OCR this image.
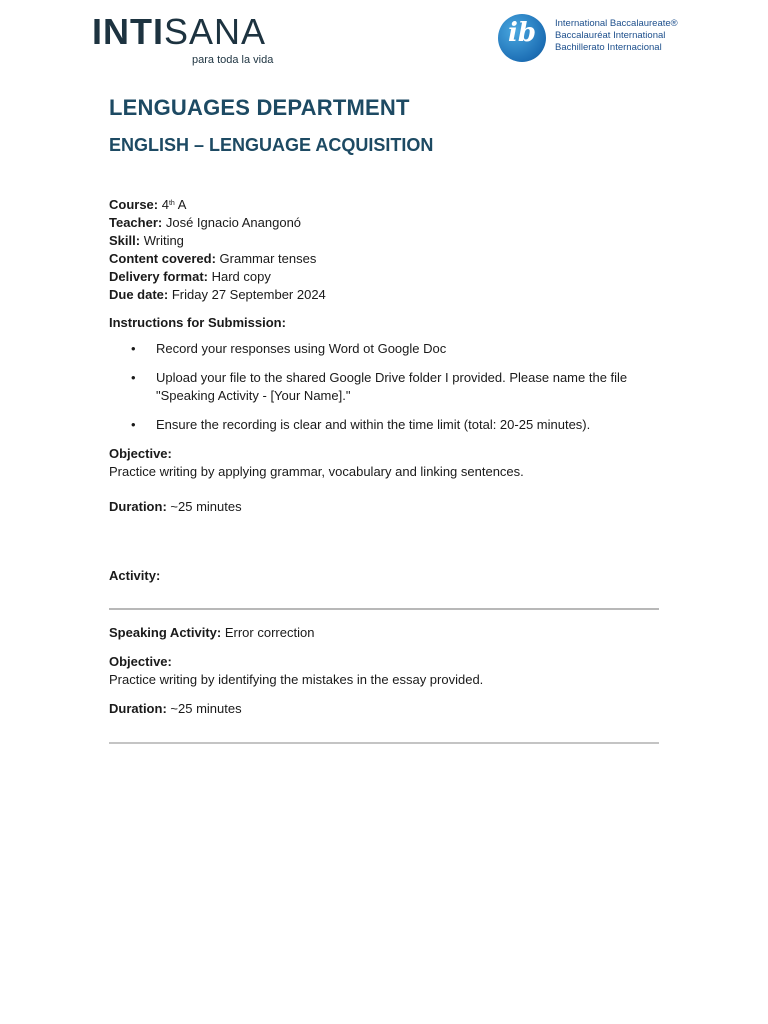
INTISANA
para toda la vida
ib	International Baccalaureate®
Baccalauréat International
Bachillerato Internacional
LENGUAGES DEPARTMENT
ENGLISH – LENGUAGE ACQUISITION
Course: 4th A
Teacher: José Ignacio Anangonó
Skill: Writing
Content covered: Grammar tenses
Delivery format: Hard copy
Due date: Friday 27 September 2024
Instructions for Submission:
• Record your responses using Word ot Google Doc
• Upload your file to the shared Google Drive folder I provided. Please name the file "Speaking Activity - [Your Name]."
• Ensure the recording is clear and within the time limit (total: 20-25 minutes).
Objective:
Practice writing by applying grammar, vocabulary and linking sentences.
Duration: ~25 minutes
Activity:
Speaking Activity: Error correction
Objective:
Practice writing by identifying the mistakes in the essay provided.
Duration: ~25 minutes
